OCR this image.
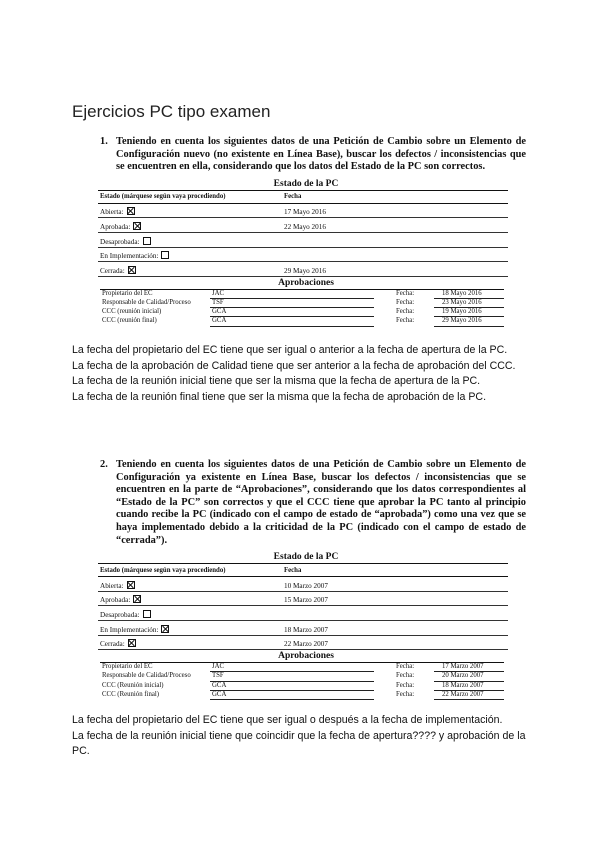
Ejercicios PC tipo examen

1. Teniendo en cuenta los siguientes datos de una Petición de Cambio sobre un Elemento de Configuración nuevo (no existente en Línea Base), buscar los defectos / inconsistencias que se encuentren en ella, considerando que los datos del Estado de la PC son correctos.

Estado de la PC

Estado (márquese según vaya procediendo)	Fecha
Abierta:	17 Mayo 2016
Aprobada:	22 Mayo 2016
Desaprobada:	
En Implementación:	
Cerrada:	29 Mayo 2016

Aprobaciones

Propietario del EC	JAC		Fecha:	18 Mayo 2016
Responsable de Calidad/Proceso	TSF		Fecha:	23 Mayo 2016
CCC (reunión inicial)	GCA		Fecha:	19 Mayo 2016
CCC (reunión final)	GCA		Fecha:	29 Mayo 2016

La fecha del propietario del EC tiene que ser igual o anterior a la fecha de apertura de la PC.

La fecha de la aprobación de Calidad tiene que ser anterior a la fecha de aprobación del CCC.

La fecha de la reunión inicial tiene que ser la misma que la fecha de apertura de la PC.

La fecha de la reunión final tiene que ser la misma que la fecha de aprobación de la PC.

2. Teniendo en cuenta los siguientes datos de una Petición de Cambio sobre un Elemento de Configuración ya existente en Línea Base, buscar los defectos / inconsistencias que se encuentren en la parte de “Aprobaciones”, considerando que los datos correspondientes al “Estado de la PC” son correctos y que el CCC tiene que aprobar la PC tanto al principio cuando recibe la PC (indicado con el campo de estado de “aprobada”) como una vez que se haya implementado debido a la criticidad de la PC (indicado con el campo de estado de “cerrada”).

Estado de la PC

Estado (márquese según vaya procediendo)	Fecha
Abierta:	10 Marzo 2007
Aprobada:	15 Marzo 2007
Desaprobada:	
En Implementación:	18 Marzo 2007
Cerrada:	22 Marzo 2007

Aprobaciones

Propietario del EC	JAC		Fecha:	17 Marzo 2007
Responsable de Calidad/Proceso	TSF		Fecha:	20 Marzo 2007
CCC (Reunión inicial)	GCA		Fecha:	18 Marzo 2007
CCC (Reunión final)	GCA		Fecha:	22 Marzo 2007

La fecha del propietario del EC tiene que ser igual o después a la fecha de implementación.

La fecha de la reunión inicial tiene que coincidir que la fecha de apertura???? y aprobación de la PC.
